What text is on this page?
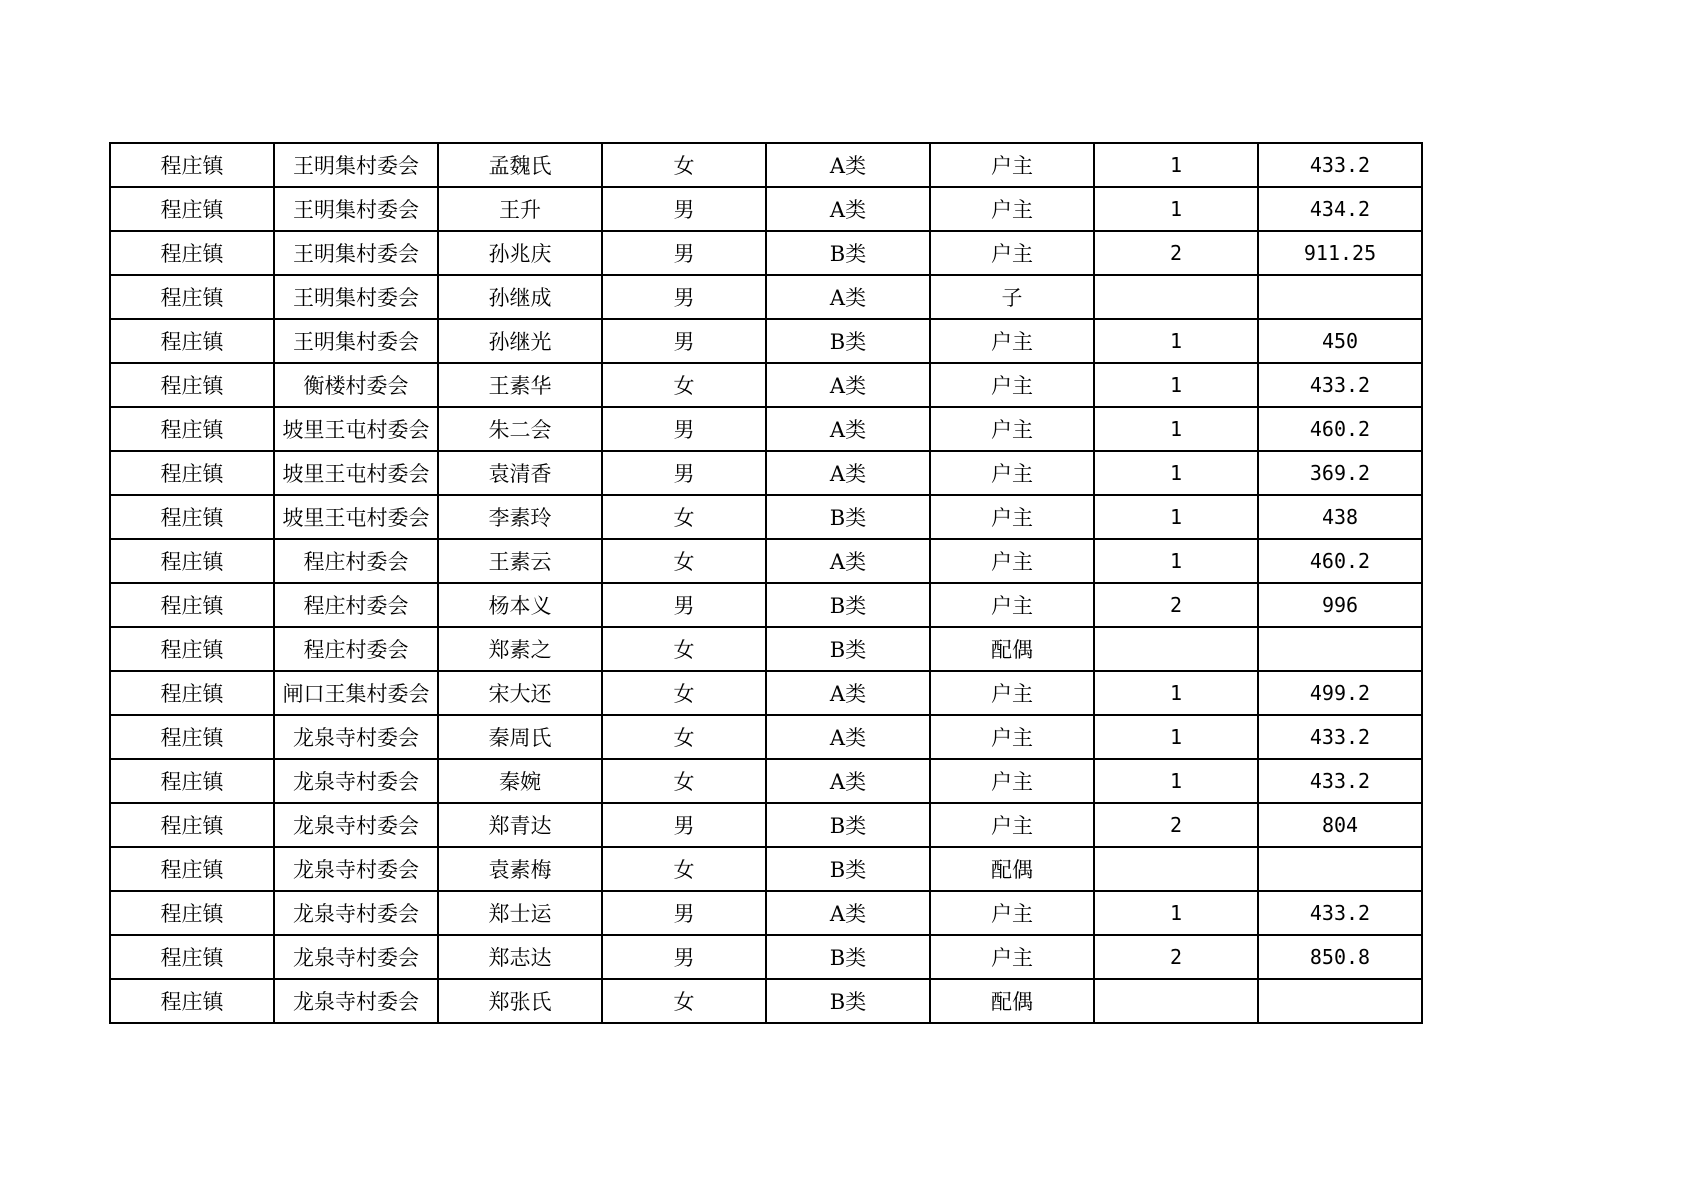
程庄镇	王明集村委会	孟魏氏	女	A类	户主	1	433.2
程庄镇	王明集村委会	王升	男	A类	户主	1	434.2
程庄镇	王明集村委会	孙兆庆	男	B类	户主	2	911.25
程庄镇	王明集村委会	孙继成	男	A类	子		
程庄镇	王明集村委会	孙继光	男	B类	户主	1	450
程庄镇	衡楼村委会	王素华	女	A类	户主	1	433.2
程庄镇	坡里王屯村委会	朱二会	男	A类	户主	1	460.2
程庄镇	坡里王屯村委会	袁清香	男	A类	户主	1	369.2
程庄镇	坡里王屯村委会	李素玲	女	B类	户主	1	438
程庄镇	程庄村委会	王素云	女	A类	户主	1	460.2
程庄镇	程庄村委会	杨本义	男	B类	户主	2	996
程庄镇	程庄村委会	郑素之	女	B类	配偶		
程庄镇	闸口王集村委会	宋大还	女	A类	户主	1	499.2
程庄镇	龙泉寺村委会	秦周氏	女	A类	户主	1	433.2
程庄镇	龙泉寺村委会	秦婉	女	A类	户主	1	433.2
程庄镇	龙泉寺村委会	郑青达	男	B类	户主	2	804
程庄镇	龙泉寺村委会	袁素梅	女	B类	配偶		
程庄镇	龙泉寺村委会	郑士运	男	A类	户主	1	433.2
程庄镇	龙泉寺村委会	郑志达	男	B类	户主	2	850.8
程庄镇	龙泉寺村委会	郑张氏	女	B类	配偶		
